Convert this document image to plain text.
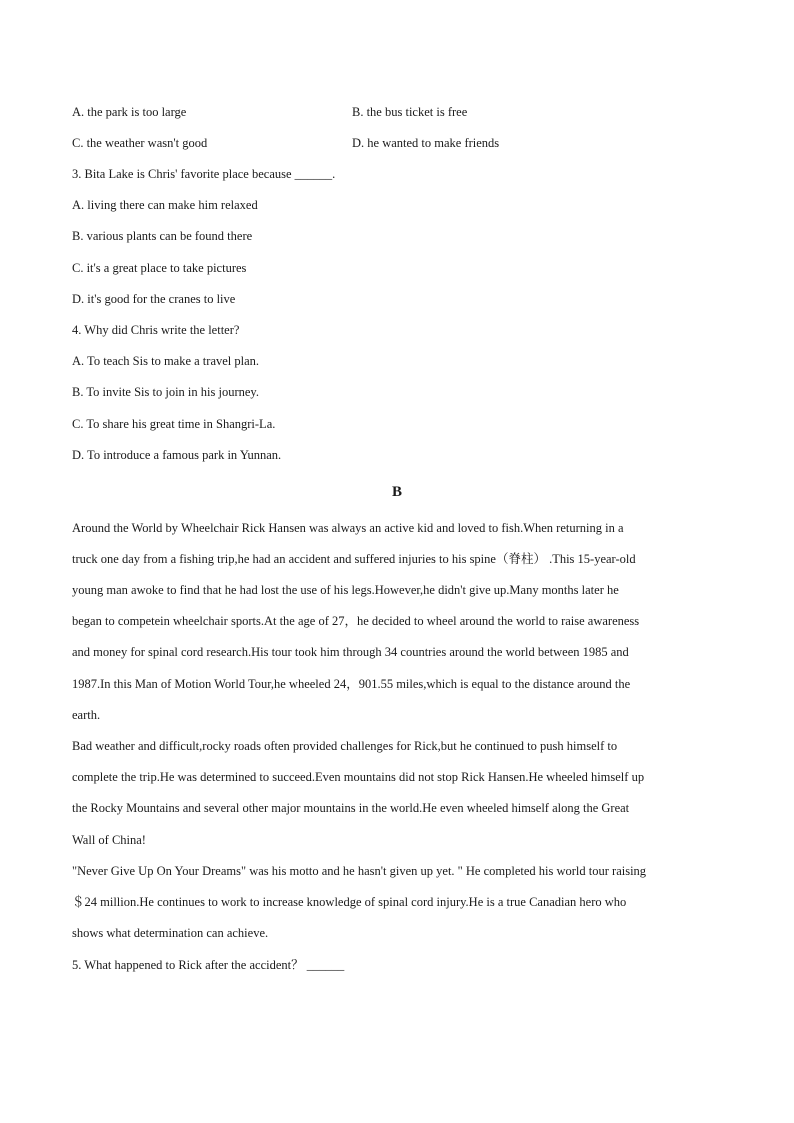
A. the park is too large	B. the bus ticket is free
C. the weather wasn't good	D. he wanted to make friends
3. Bita Lake is Chris' favorite place because ______.
A. living there can make him relaxed
B. various plants can be found there
C. it's a great place to take pictures
D. it's good for the cranes to live
4. Why did Chris write the letter?
A. To teach Sis to make a travel plan.
B. To invite Sis to join in his journey.
C. To share his great time in Shangri-La.
D. To introduce a famous park in Yunnan.
B
Around the World by Wheelchair Rick Hansen was always an active kid and loved to fish.When returning in a
truck one day from a fishing trip,he had an accident and suffered injuries to his spine（脊柱） .This 15-year-old
young man awoke to find that he had lost the use of his legs.However,he didn't give up.Many months later he
began to competein wheelchair sports.At the age of 27，he decided to wheel around the world to raise awareness
and money for spinal cord research.His tour took him through 34 countries around the world between 1985 and
1987.In this Man of Motion World Tour,he wheeled 24，901.55 miles,which is equal to the distance around the
earth.
Bad weather and difficult,rocky roads often provided challenges for Rick,but he continued to push himself to
complete the trip.He was determined to succeed.Even mountains did not stop Rick Hansen.He wheeled himself up
the Rocky Mountains and several other major mountains in the world.He even wheeled himself along the Great
Wall of China!
"Never Give Up On Your Dreams" was his motto and he hasn't given up yet. " He completed his world tour raising
＄24 million.He continues to work to increase knowledge of spinal cord injury.He is a true Canadian hero who
shows what determination can achieve.
5. What happened to Rick after the accident？ ______
